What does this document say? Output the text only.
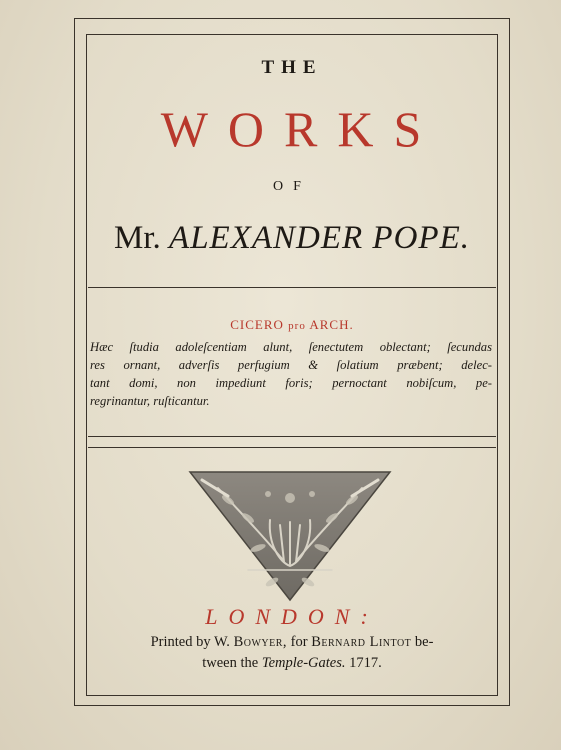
THE
WORKS
OF
Mr. ALEXANDER POPE.
CICERO pro ARCH.
Hæc ſtudia adoleſcentiam alunt, ſenectutem oblectant; ſecundas
res ornant, adverſis perfugium & ſolatium præbent; delec-
tant domi, non impediunt foris; pernoctant nobiſcum, pe-
regrinantur, ruſticantur.
LONDON:
Printed by W. Bowyer, for Bernard Lintot be-
tween the Temple-Gates. 1717.
